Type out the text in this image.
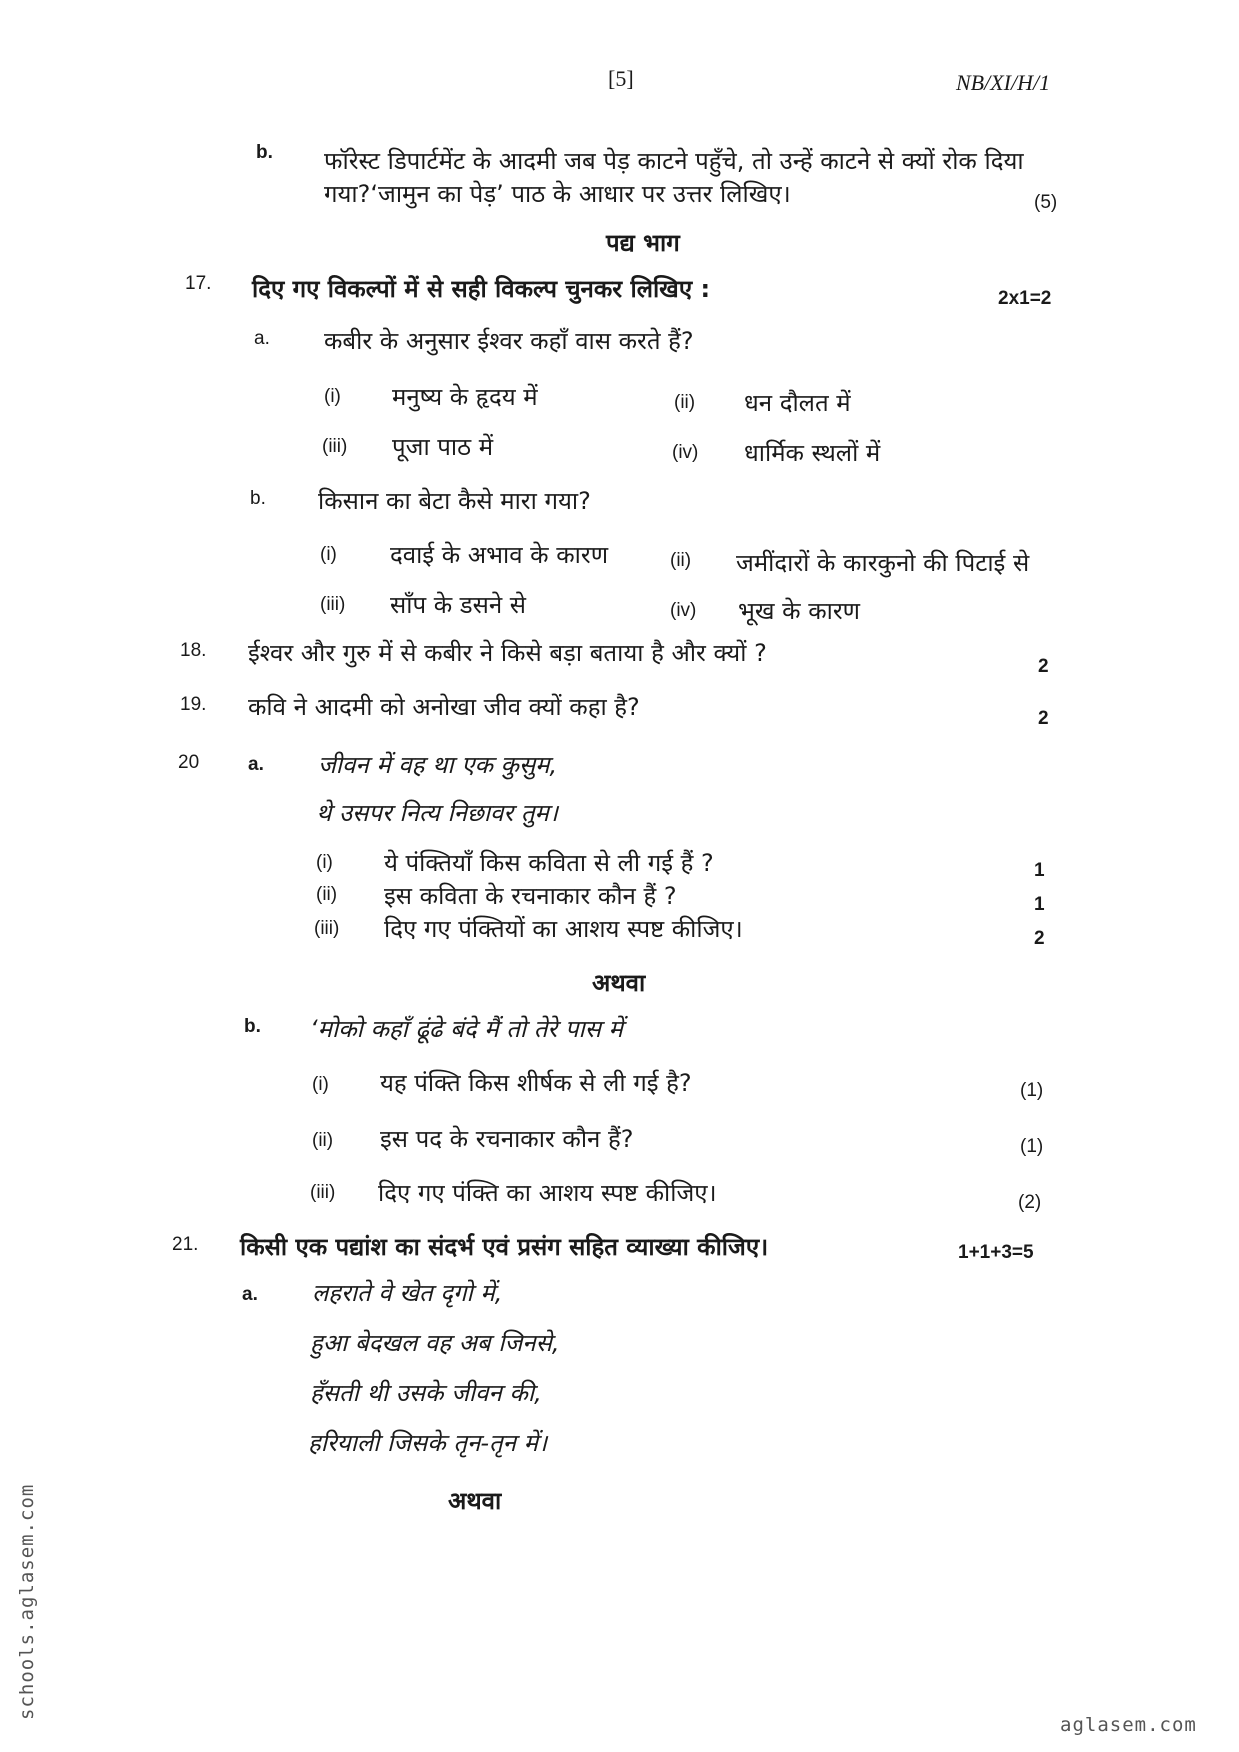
[5]	NB/XI/H/1
b. फॉरेस्ट डिपार्टमेंट के आदमी जब पेड़ काटने पहुँचे, तो उन्हें काटने से क्यों रोक दिया
गया?‘जामुन का पेड़’ पाठ के आधार पर उत्तर लिखिए।	(5)
पद्य भाग
17. दिए गए विकल्पों में से सही विकल्प चुनकर लिखिए :	2x1=2
a. कबीर के अनुसार ईश्वर कहाँ वास करते हैं?
(i) मनुष्य के हृदय में	(ii) धन दौलत में
(iii) पूजा पाठ में	(iv) धार्मिक स्थलों में
b. किसान का बेटा कैसे मारा गया?
(i) दवाई के अभाव के कारण	(ii) जमींदारों के कारकुनो की पिटाई से
(iii) साँप के डसने से	(iv) भूख के कारण
18. ईश्वर और गुरु में से कबीर ने किसे बड़ा बताया है और क्यों ?	2
19. कवि ने आदमी को अनोखा जीव क्यों कहा है?	2
20	a. जीवन में वह था एक कुसुम,
थे उसपर नित्य निछावर तुम।
(i) ये पंक्तियाँ किस कविता से ली गई हैं ?	1
(ii) इस कविता के रचनाकार कौन हैं ?	1
(iii) दिए गए पंक्तियों का आशय स्पष्ट कीजिए।	2
अथवा
b. ‘मोको कहाँ ढूंढे बंदे मैं तो तेरे पास में
(i) यह पंक्ति किस शीर्षक से ली गई है?	(1)
(ii) इस पद के रचनाकार कौन हैं?	(1)
(iii) दिए गए पंक्ति का आशय स्पष्ट कीजिए।	(2)
21. किसी एक पद्यांश का संदर्भ एवं प्रसंग सहित व्याख्या कीजिए।	1+1+3=5
a. लहराते वे खेत दृगो में,
हुआ बेदखल वह अब जिनसे,
हँसती थी उसके जीवन की,
हरियाली जिसके तृन-तृन में।
अथवा
schools.aglasem.com
aglasem.com
